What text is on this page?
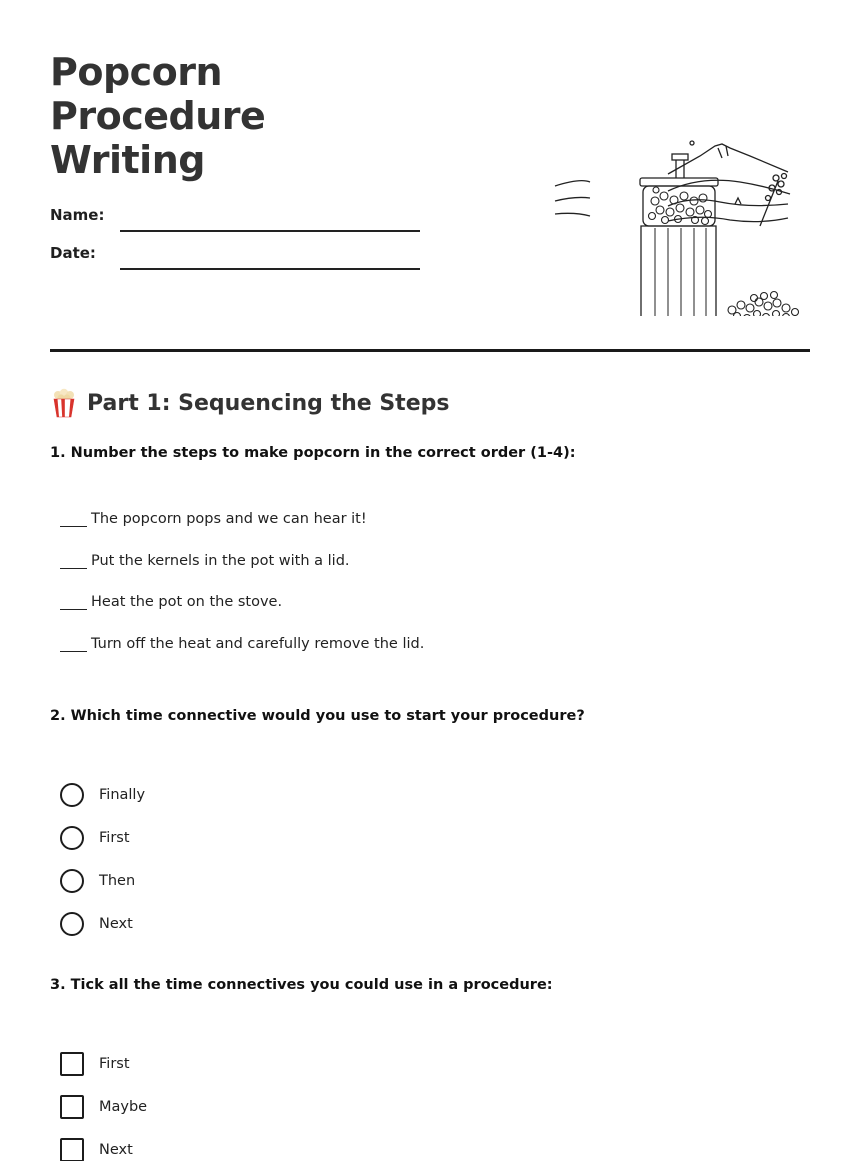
Popcorn Procedure
Writing
Name:
Date:
Part 1: Sequencing the Steps
1. Number the steps to make popcorn in the correct order (1-4):
The popcorn pops and we can hear it!
Put the kernels in the pot with a lid.
Heat the pot on the stove.
Turn off the heat and carefully remove the lid.
2. Which time connective would you use to start your procedure?
Finally
First
Then
Next
3. Tick all the time connectives you could use in a procedure:
First
Maybe
Next
